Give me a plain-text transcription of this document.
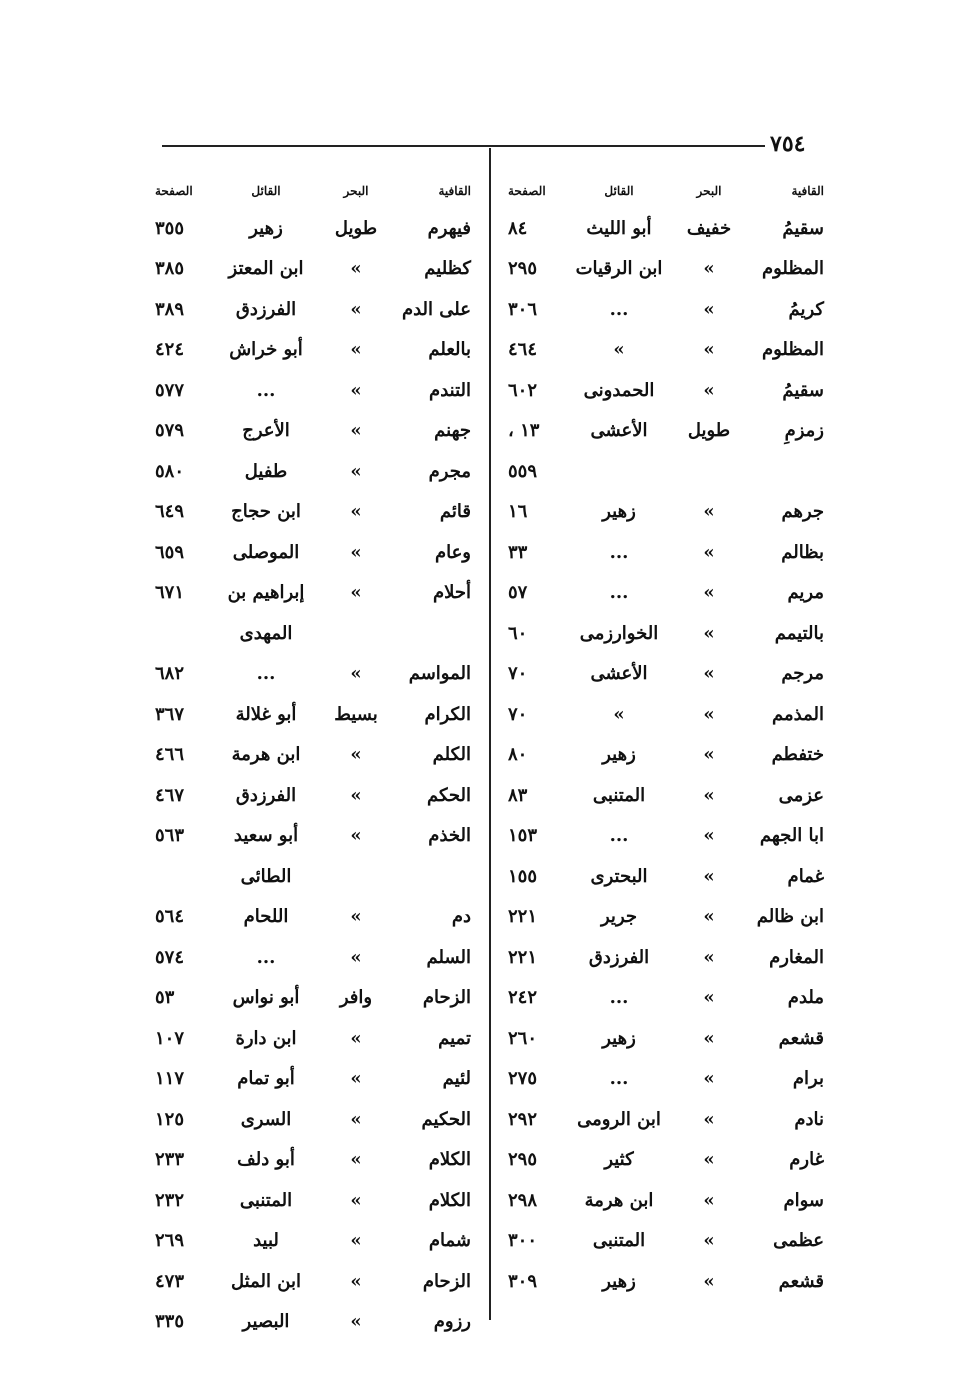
٧٥٤
القافية
البحر
القائل
الصفحة
سقيمُ
خفيف
أبو الليث
٨٤
المظلوم
»
ابن الرقيات
٢٩٥
كريمُ
»
...
٣٠٦
المظلوم
»
»
٤٦٤
سقيمُ
»
الحمدونى
٦٠٢
زمزمِ
طويل
الأعشى
١٣ ،
٥٥٩
جرهم
»
زهير
١٦
بظالم
»
...
٣٣
مريم
»
...
٥٧
بالتيمم
»
الخوارزمى
٦٠
مرجم
»
الأعشى
٧٠
المذمم
»
»
٧٠
ختفطم
»
زهير
٨٠
عزمى
»
المتنبى
٨٣
ابا الجهم
»
...
١٥٣
غمام
»
البحترى
١٥٥
ابن ظالم
»
جرير
٢٢١
المغارم
»
الفرزدق
٢٢١
ملدم
»
...
٢٤٢
قشعم
»
زهير
٢٦٠
برام
»
...
٢٧٥
نادم
»
ابن الرومى
٢٩٢
غارم
»
كثير
٢٩٥
سوام
»
ابن هرمة
٢٩٨
عظمى
»
المتنبى
٣٠٠
قشعم
»
زهير
٣٠٩
القافية
البحر
القائل
الصفحة
فيهرم
طويل
زهير
٣٥٥
كظليم
»
ابن المعتز
٣٨٥
على الدم
»
الفرزدق
٣٨٩
بالعلم
»
أبو خراش
٤٢٤
التندم
»
...
٥٧٧
جهنم
»
الأعرج
٥٧٩
مجرم
»
طفيل
٥٨٠
قائم
»
ابن حجاج
٦٤٩
وعام
»
الموصلى
٦٥٩
أحلام
»
إبراهيم بن
٦٧١
المهدى
المواسم
»
...
٦٨٢
الكرام
بسيط
أبو غلالة
٣٦٧
الكلم
»
ابن هرمة
٤٦٦
الحكم
»
الفرزدق
٤٦٧
الخذم
»
أبو سعيد
٥٦٣
الطائى
دم
»
اللحام
٥٦٤
السلم
»
...
٥٧٤
الزحام
وافر
أبو نواس
٥٣
تميم
»
ابن دارة
١٠٧
لئيم
»
أبو تمام
١١٧
الحكيم
»
السرى
١٢٥
الكلام
»
أبو دلف
٢٣٣
الكلام
»
المتنبى
٢٣٢
شمام
»
لبيد
٢٦٩
الزحام
»
ابن المثل
٤٧٣
رزوم
»
البصير
٣٣٥
